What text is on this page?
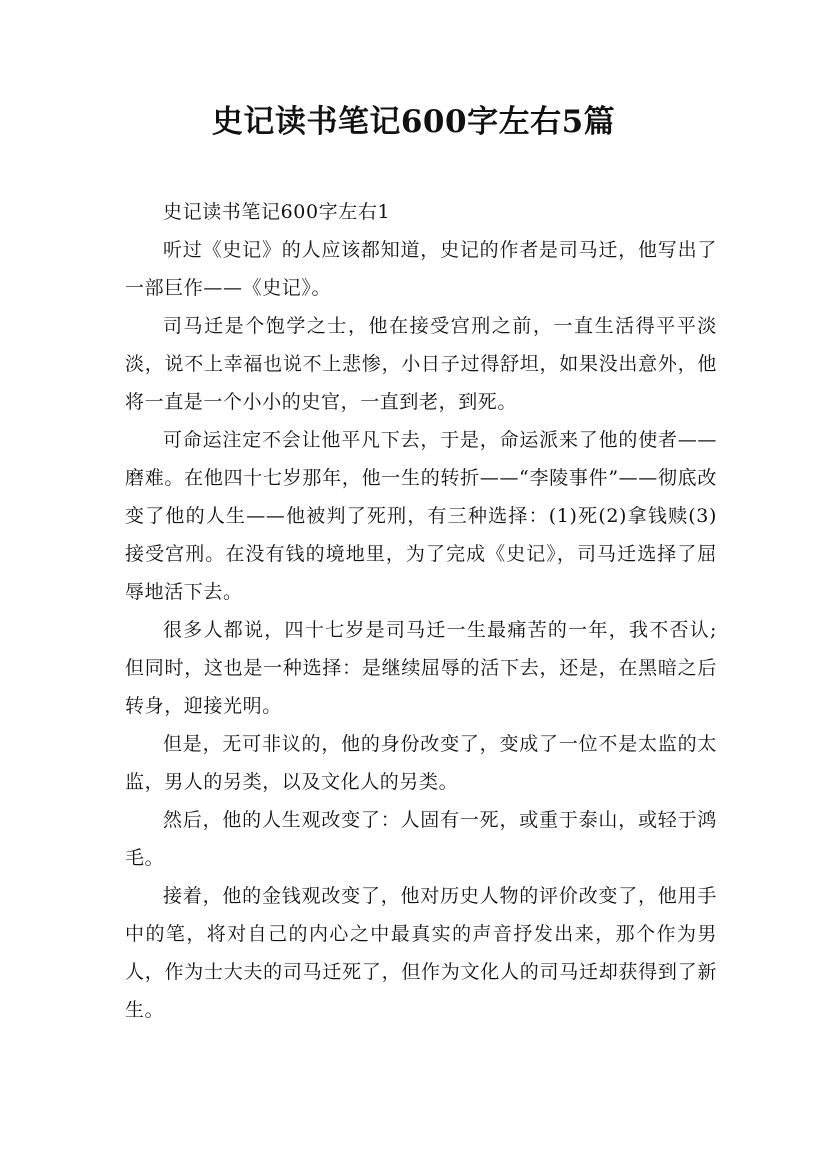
史记读书笔记600字左右5篇

史记读书笔记600字左右1

听过《史记》的人应该都知道，史记的作者是司马迁，他写出了一部巨作——《史记》。

司马迁是个饱学之士，他在接受宫刑之前，一直生活得平平淡淡，说不上幸福也说不上悲惨，小日子过得舒坦，如果没出意外，他将一直是一个小小的史官，一直到老，到死。

可命运注定不会让他平凡下去，于是，命运派来了他的使者——磨难。在他四十七岁那年，他一生的转折——“李陵事件”——彻底改变了他的人生——他被判了死刑，有三种选择：(1)死(2)拿钱赎(3)接受宫刑。在没有钱的境地里，为了完成《史记》，司马迁选择了屈辱地活下去。

很多人都说，四十七岁是司马迁一生最痛苦的一年，我不否认;但同时，这也是一种选择：是继续屈辱的活下去，还是，在黑暗之后转身，迎接光明。

但是，无可非议的，他的身份改变了，变成了一位不是太监的太监，男人的另类，以及文化人的另类。

然后，他的人生观改变了：人固有一死，或重于泰山，或轻于鸿毛。

接着，他的金钱观改变了，他对历史人物的评价改变了，他用手中的笔，将对自己的内心之中最真实的声音抒发出来，那个作为男人，作为士大夫的司马迁死了，但作为文化人的司马迁却获得到了新生。
